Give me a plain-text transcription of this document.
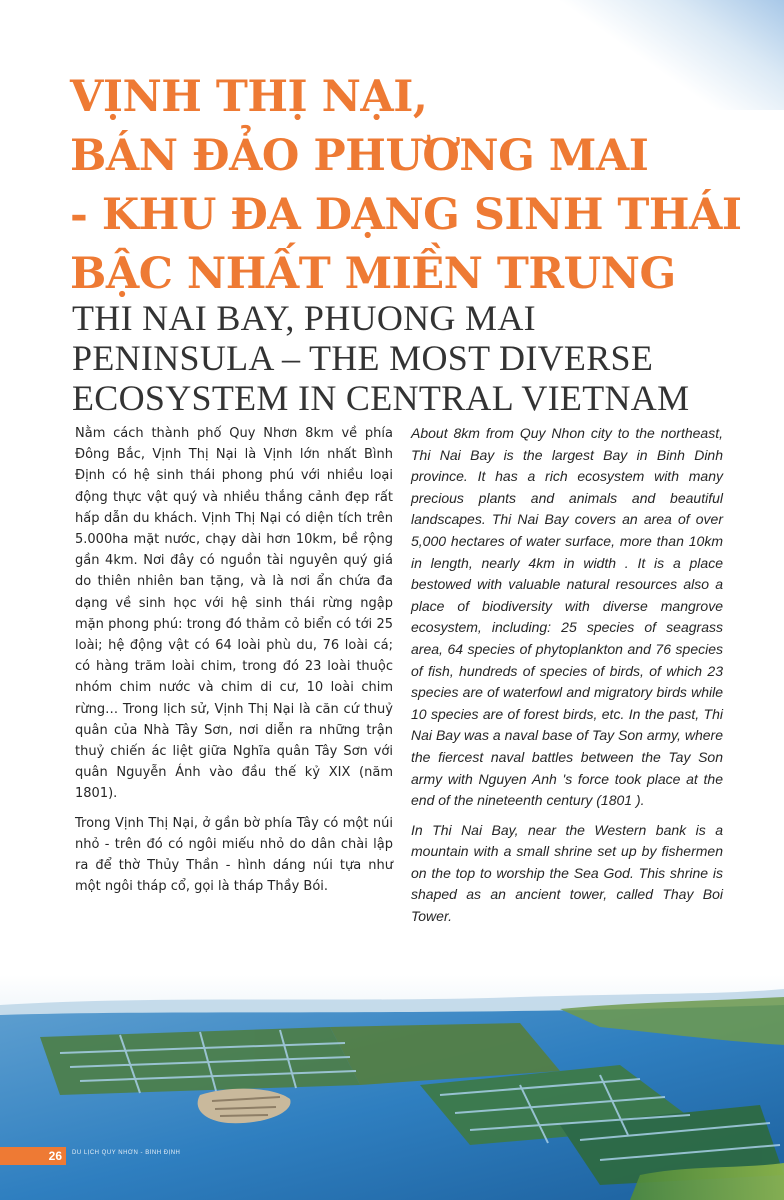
VỊNH THỊ NẠI,
BÁN ĐẢO PHƯƠNG MAI
- KHU ĐA DẠNG SINH THÁI
BẬC NHẤT MIỀN TRUNG
THI NAI BAY, PHUONG MAI
PENINSULA – THE MOST DIVERSE
ECOSYSTEM IN CENTRAL VIETNAM

Nằm cách thành phố Quy Nhơn 8km về phía Đông Bắc, Vịnh Thị Nại là Vịnh lớn nhất Bình Định có hệ sinh thái phong phú với nhiều loại động thực vật quý và nhiều thắng cảnh đẹp rất hấp dẫn du khách. Vịnh Thị Nại có diện tích trên 5.000ha mặt nước, chạy dài hơn 10km, bề rộng gần 4km. Nơi đây có nguồn tài nguyên quý giá do thiên nhiên ban tặng, và là nơi ẩn chứa đa dạng về sinh học với hệ sinh thái rừng ngập mặn phong phú: trong đó thảm cỏ biển có tới 25 loài; hệ động vật có 64 loài phù du, 76 loài cá; có hàng trăm loài chim, trong đó 23 loài thuộc nhóm chim nước và chim di cư, 10 loài chim rừng… Trong lịch sử, Vịnh Thị Nại là căn cứ thuỷ quân của Nhà Tây Sơn, nơi diễn ra những trận thuỷ chiến ác liệt giữa Nghĩa quân Tây Sơn với quân Nguyễn Ánh vào đầu thế kỷ XIX (năm 1801).

Trong Vịnh Thị Nại, ở gần bờ phía Tây có một núi nhỏ - trên đó có ngôi miếu nhỏ do dân chài lập ra để thờ Thủy Thần - hình dáng núi tựa như một ngôi tháp cổ, gọi là tháp Thầy Bói.

About 8km from Quy Nhon city to the northeast, Thi Nai Bay is the largest Bay in Binh Dinh province. It has a rich ecosystem with many precious plants and animals and beautiful landscapes. Thi Nai Bay covers an area of over 5,000 hectares of water surface, more than 10km in length, nearly 4km in width . It is a place bestowed with valuable natural resources also a place of biodiversity with diverse mangrove ecosystem, including: 25 species of seagrass area, 64 species of phytoplankton and 76 species of fish, hundreds of species of birds, of which 23 species are of waterfowl and migratory birds while 10 species are of forest birds, etc. In the past, Thi Nai Bay was a naval base of Tay Son army, where the fiercest naval battles between the Tay Son army with Nguyen Anh 's force took place at the end of the nineteenth century (1801 ).

In Thi Nai Bay, near the Western bank is a mountain with a small shrine set up by fishermen on the top to worship the Sea God. This shrine is shaped as an ancient tower, called Thay Boi Tower.

26	DU LỊCH QUY NHƠN - BÌNH ĐỊNH
